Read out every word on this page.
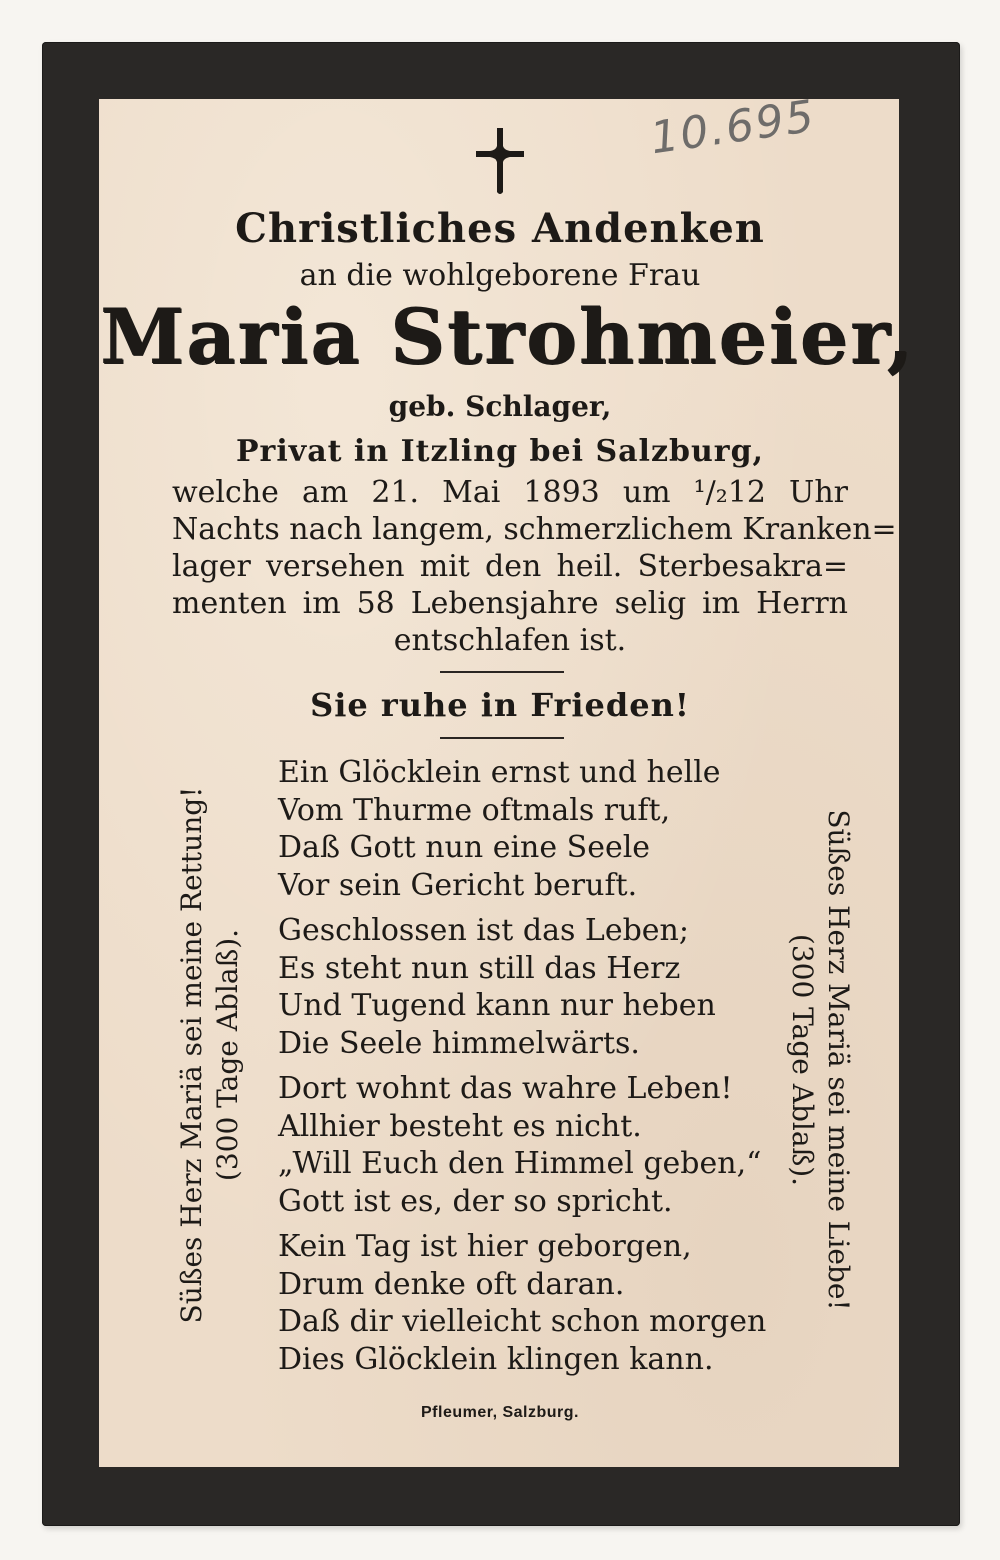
10.695
Christliches Andenken
an die wohlgeborene Frau
Maria Strohmeier,
geb. Schlager,
Privat in Itzling bei Salzburg,
welche am 21. Mai 1893 um ¹/₂12 Uhr
Nachts nach langem, schmerzlichem Kranken=
lager versehen mit den heil. Sterbesakra=
menten im 58 Lebensjahre selig im Herrn
entschlafen ist.
Sie ruhe in Frieden!
Ein Glöcklein ernst und helle
Vom Thurme oftmals ruft,
Daß Gott nun eine Seele
Vor sein Gericht beruft.
Geschlossen ist das Leben;
Es steht nun still das Herz
Und Tugend kann nur heben
Die Seele himmelwärts.
Dort wohnt das wahre Leben!
Allhier besteht es nicht.
„Will Euch den Himmel geben,“
Gott ist es, der so spricht.
Kein Tag ist hier geborgen,
Drum denke oft daran.
Daß dir vielleicht schon morgen
Dies Glöcklein klingen kann.
Süßes Herz Mariä sei meine Rettung! (300 Tage Ablaß).	Süßes Herz Mariä sei meine Liebe!
(300 Tage Ablaß).
Pfleumer, Salzburg.
